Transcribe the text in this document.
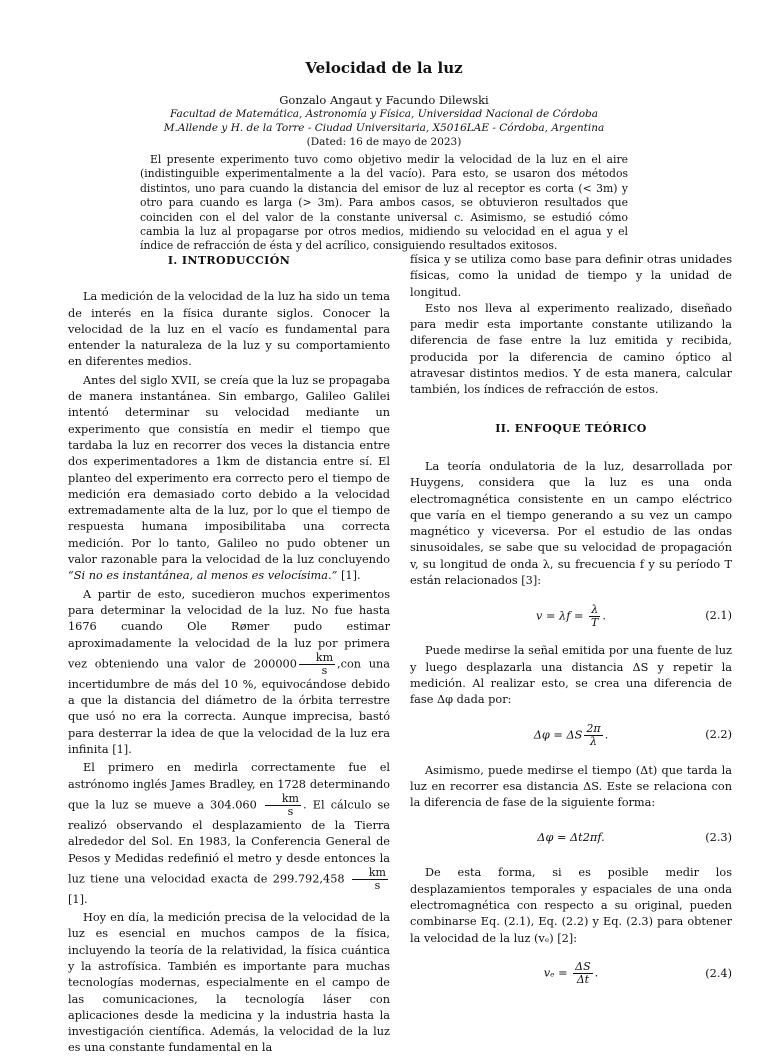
Velocidad de la luz
Gonzalo Angaut y Facundo Dilewski
Facultad de Matemática, Astronomía y Física, Universidad Nacional de Córdoba
M.Allende y H. de la Torre - Ciudad Universitaria, X5016LAE - Córdoba, Argentina
(Dated: 16 de mayo de 2023)
El presente experimento tuvo como objetivo medir la velocidad de la luz en el aire (indistinguible experimentalmente a la del vacío). Para esto, se usaron dos métodos distintos, uno para cuando la distancia del emisor de luz al receptor es corta (< 3m) y otro para cuando es larga (> 3m). Para ambos casos, se obtuvieron resultados que coinciden con el del valor de la constante universal c. Asimismo, se estudió cómo cambia la luz al propagarse por otros medios, midiendo su velocidad en el agua y el índice de refracción de ésta y del acrílico, consiguiendo resultados exitosos.
I. INTRODUCCIÓN

La medición de la velocidad de la luz ha sido un tema de interés en la física durante siglos. Conocer la velocidad de la luz en el vacío es fundamental para entender la naturaleza de la luz y su comportamiento en diferentes medios.

Antes del siglo XVII, se creía que la luz se propagaba de manera instantánea. Sin embargo, Galileo Galilei intentó determinar su velocidad mediante un experimento que consistía en medir el tiempo que tardaba la luz en recorrer dos veces la distancia entre dos experimentadores a 1km de distancia entre sí. El planteo del experimento era correcto pero el tiempo de medición era demasiado corto debido a la velocidad extremadamente alta de la luz, por lo que el tiempo de respuesta humana imposibilitaba una correcta medición. Por lo tanto, Galileo no pudo obtener un valor razonable para la velocidad de la luz concluyendo “Si no es instantánea, al menos es velocísima.” [1].

A partir de esto, sucedieron muchos experimentos para determinar la velocidad de la luz. No fue hasta 1676 cuando Ole Rømer pudo estimar aproximadamente la velocidad de la luz por primera vez obteniendo una valor de $200000 \frac{km}{s} ,con$ una incertidumbre de más del 10 %, equivocándose debido a que la distancia del diámetro de la órbita terrestre que usó no era la correcta. Aunque imprecisa, bastó para desterrar la idea de que la velocidad de la luz era infinita [1].

El primero en medirla correctamente fue el astrónomo inglés James Bradley, en 1728 determinando que la luz se mueve a $304.060 \frac{km}{s}$ . El cálculo se realizó observando el desplazamiento de la Tierra alrededor del Sol. En 1983, la Conferencia General de Pesos y Medidas redefinió el metro y desde entonces la luz tiene una velocidad exacta de $299.792,458 \frac{km}{s}$
[1].

Hoy en día, la medición precisa de la velocidad de la luz es esencial en muchos campos de la física, incluyendo la teoría de la relatividad, la física cuántica y la astrofísica. También es importante para muchas tecnologías modernas, especialmente en el campo de las comunicaciones, la tecnología láser con aplicaciones desde la medicina y la industria hasta la investigación científica. Además, la velocidad de la luz es una constante fundamental en la

física y se utiliza como base para definir otras unidades físicas, como la unidad de tiempo y la unidad de longitud.

Esto nos lleva al experimento realizado, diseñado para medir esta importante constante utilizando la diferencia de fase entre la luz emitida y recibida, producida por la diferencia de camino óptico al atravesar distintos medios. Y de esta manera, calcular también, los índices de refracción de estos.

II. ENFOQUE TEÓRICO

La teoría ondulatoria de la luz, desarrollada por Huygens, considera que la luz es una onda electromagnética consistente en un campo eléctrico que varía en el tiempo generando a su vez un campo magnético y viceversa. Por el estudio de las ondas sinusoidales, se sabe que su velocidad de propagación v, su longitud de onda λ, su frecuencia f y su período T están relacionados [3]:

$v = \lambda f = \frac{\lambda}{T}$ .	(2.1)

Puede medirse la señal emitida por una fuente de luz y luego desplazarla una distancia ΔS y repetir la medición. Al realizar esto, se crea una diferencia de fase Δφ dada por:

Δφ = ΔS $\frac{2\pi}{\lambda}$ .	(2.2)

Asimismo, puede medirse el tiempo (Δt) que tarda la luz en recorrer esa distancia ΔS. Este se relaciona con la diferencia de fase de la siguiente forma:

Δφ = Δt2πf.	(2.3)

De esta forma, si es posible medir los desplazamientos temporales y espaciales de una onda electromagnética con respecto a su original, pueden combinarse Eq. (2.1), Eq. (2.2) y Eq. (2.3) para obtener la velocidad de la luz (vₑ) [2]:

$v_e = \frac{\Delta S}{\Delta t}$ .	(2.4)
